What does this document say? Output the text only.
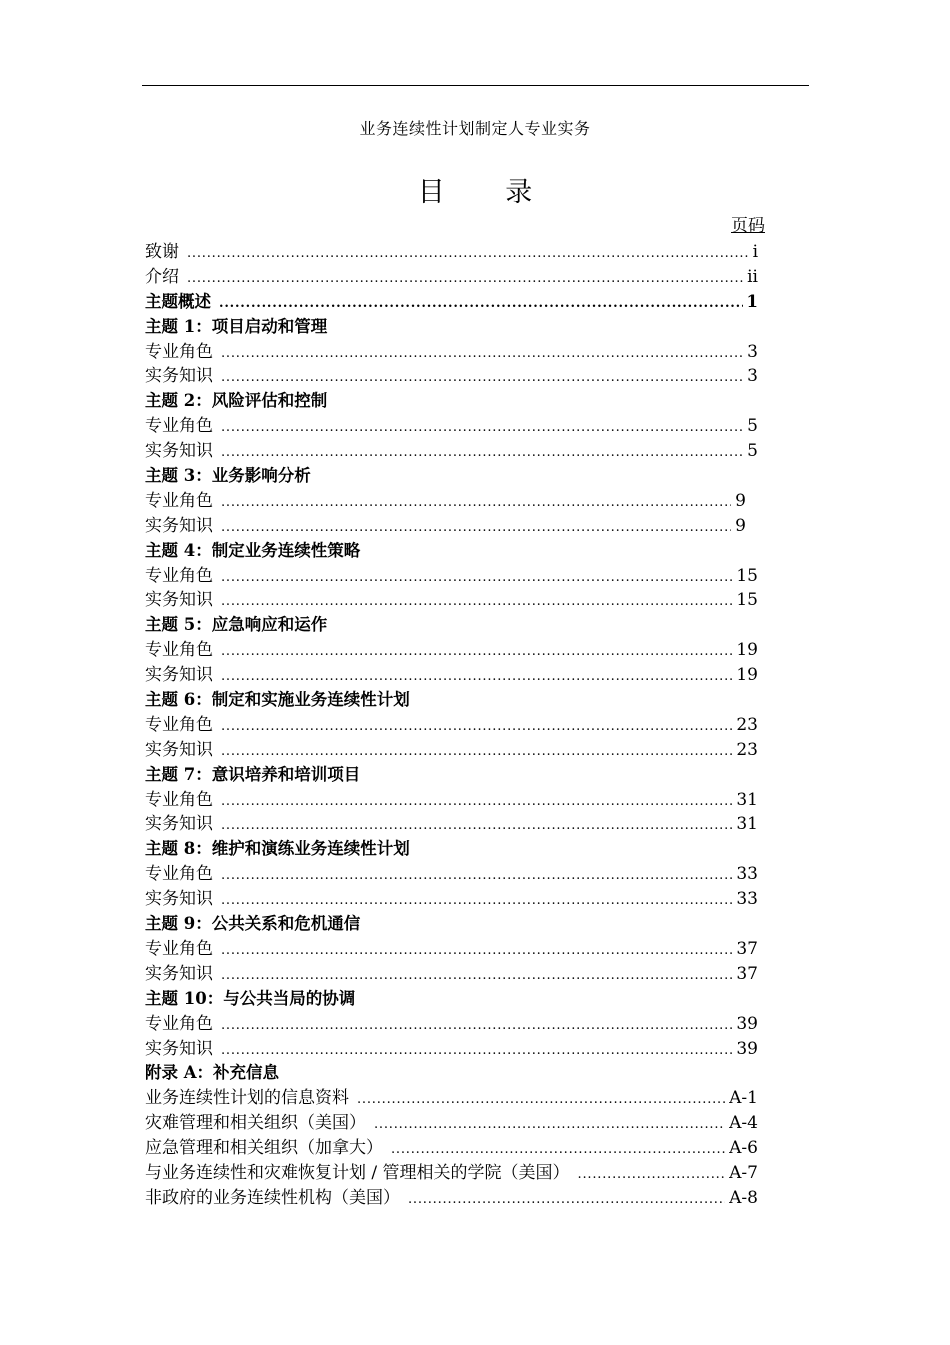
业务连续性计划制定人专业实务
目 录
页码
致谢 .....	i
介绍 .....	ii
主题概述 .....	1
主题 1：项目启动和管理
专业角色 .....	3
实务知识 .....	3
主题 2：风险评估和控制
专业角色 .....	5
实务知识 .....	5
主题 3：业务影响分析
专业角色 .....	9
实务知识 .....	9
主题 4：制定业务连续性策略
专业角色 .....	15
实务知识 .....	15
主题 5：应急响应和运作
专业角色 .....	19
实务知识 .....	19
主题 6：制定和实施业务连续性计划
专业角色 .....	23
实务知识 .....	23
主题 7：意识培养和培训项目
专业角色 .....	31
实务知识 .....	31
主题 8：维护和演练业务连续性计划
专业角色 .....	33
实务知识 .....	33
主题 9：公共关系和危机通信
专业角色 .....	37
实务知识 .....	37
主题 10：与公共当局的协调
专业角色 .....	39
实务知识 .....	39
附录 A：补充信息
业务连续性计划的信息资料 .....	A-1
灾难管理和相关组织（美国） .....	A-4
应急管理和相关组织（加拿大） .....	A-6
与业务连续性和灾难恢复计划 / 管理相关的学院（美国） .....	A-7
非政府的业务连续性机构（美国） .....	A-8
